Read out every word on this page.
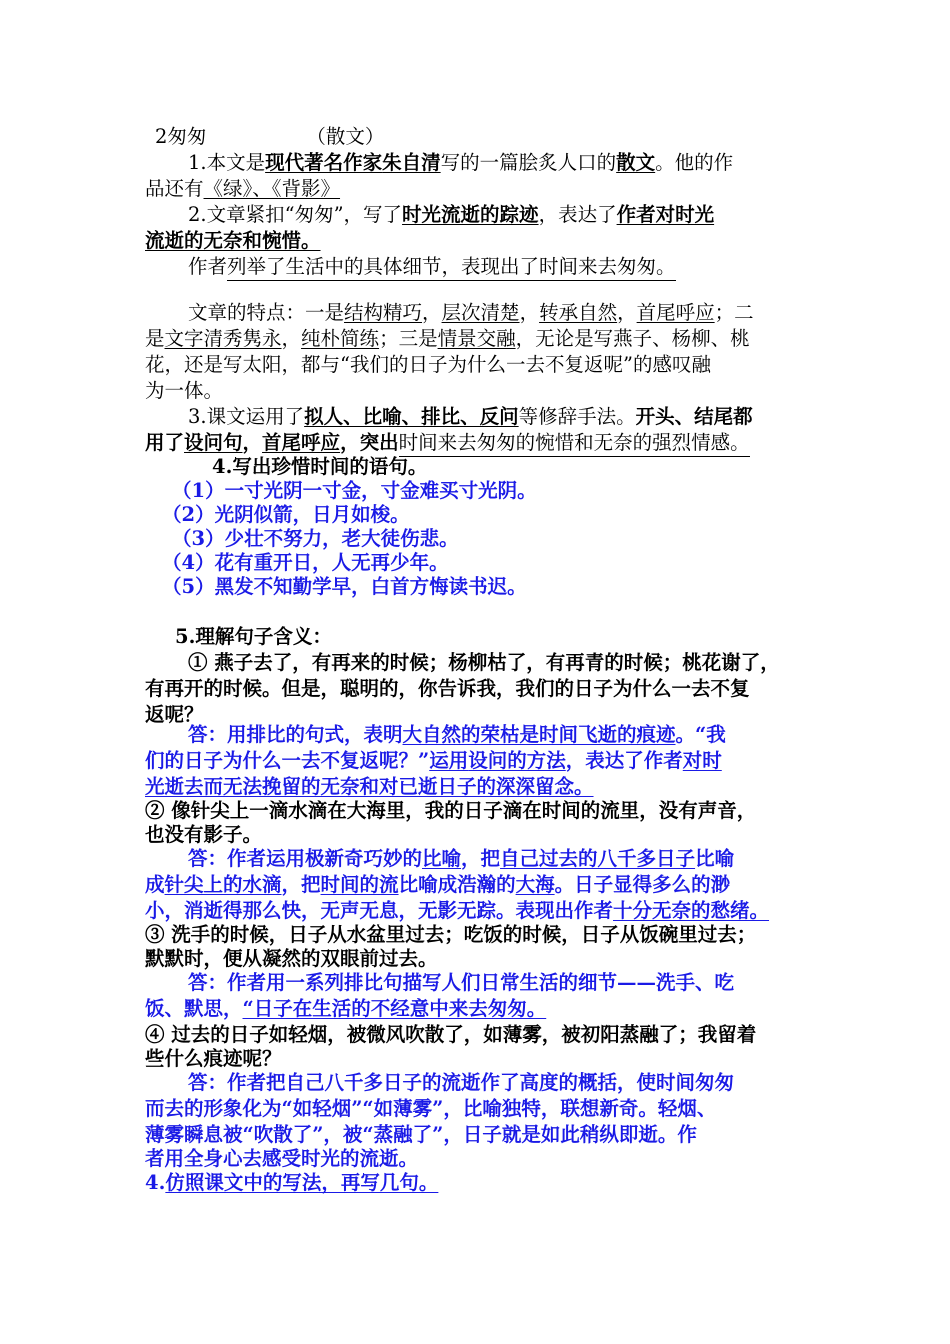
2匆匆	（散文）
1.本文是现代著名作家朱自清写的一篇脍炙人口的散文。他的作
品还有《绿》、《背影》
2.文章紧扣“匆匆”，写了时光流逝的踪迹，表达了作者对时光
流逝的无奈和惋惜。
作者列举了生活中的具体细节，表现出了时间来去匆匆。
文章的特点：一是结构精巧，层次清楚，转承自然，首尾呼应；二
是文字清秀隽永，纯朴简练；三是情景交融，无论是写燕子、杨柳、桃
花，还是写太阳，都与“我们的日子为什么一去不复返呢”的感叹融
为一体。
3.课文运用了拟人、比喻、排比、反问等修辞手法。开头、结尾都
用了设问句，首尾呼应，突出时间来去匆匆的惋惜和无奈的强烈情感。
4.写出珍惜时间的语句。
（1）一寸光阴一寸金，寸金难买寸光阴。
（2）光阴似箭，日月如梭。
（3）少壮不努力，老大徒伤悲。
（4）花有重开日，人无再少年。
（5）黑发不知勤学早，白首方悔读书迟。
5.理解句子含义：
① 燕子去了，有再来的时候；杨柳枯了，有再青的时候；桃花谢了，
有再开的时候。但是，聪明的，你告诉我，我们的日子为什么一去不复
返呢？
答：用排比的句式，表明大自然的荣枯是时间飞逝的痕迹。“我
们的日子为什么一去不复返呢？”运用设问的方法，表达了作者对时
光逝去而无法挽留的无奈和对已逝日子的深深留念。
② 像针尖上一滴水滴在大海里，我的日子滴在时间的流里，没有声音，
也没有影子。
答：作者运用极新奇巧妙的比喻，把自己过去的八千多日子比喻
成针尖上的水滴，把时间的流比喻成浩瀚的大海。日子显得多么的渺
小，消逝得那么快，无声无息，无影无踪。表现出作者十分无奈的愁绪。
③ 洗手的时候，日子从水盆里过去；吃饭的时候，日子从饭碗里过去；
默默时，便从凝然的双眼前过去。
答：作者用一系列排比句描写人们日常生活的细节——洗手、吃
饭、默思，“日子在生活的不经意中来去匆匆。
④ 过去的日子如轻烟，被微风吹散了，如薄雾，被初阳蒸融了；我留着
些什么痕迹呢？
答：作者把自己八千多日子的流逝作了高度的概括，使时间匆匆
而去的形象化为“如轻烟”“如薄雾”，比喻独特，联想新奇。轻烟、
薄雾瞬息被“吹散了”，被“蒸融了”，日子就是如此稍纵即逝。作
者用全身心去感受时光的流逝。
4.仿照课文中的写法，再写几句。
